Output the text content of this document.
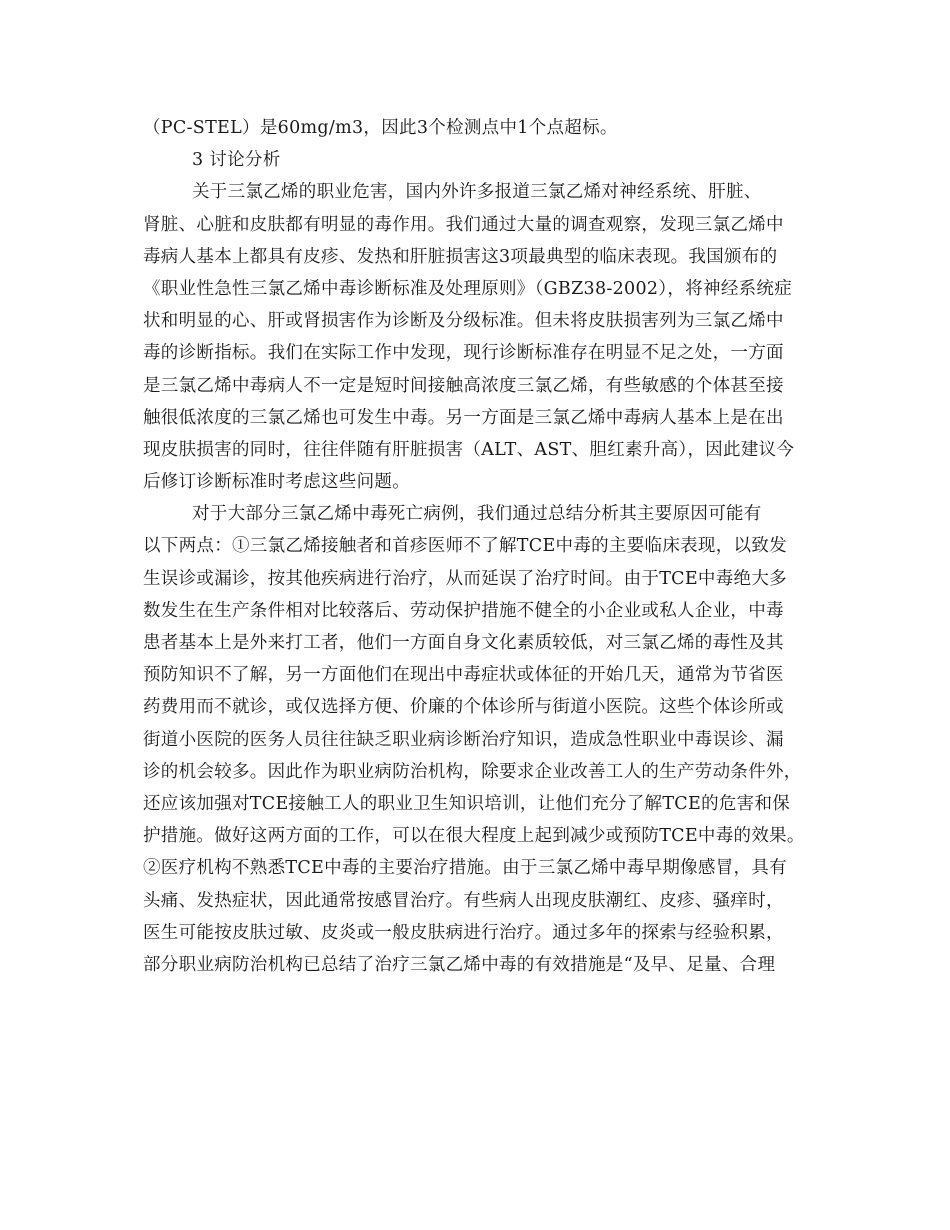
（PC-STEL）是60mg/m3，因此3个检测点中1个点超标。
3 讨论分析
关于三氯乙烯的职业危害，国内外许多报道三氯乙烯对神经系统、肝脏、
肾脏、心脏和皮肤都有明显的毒作用。我们通过大量的调查观察，发现三氯乙烯中
毒病人基本上都具有皮疹、发热和肝脏损害这3项最典型的临床表现。我国颁布的
《职业性急性三氯乙烯中毒诊断标准及处理原则》（GBZ38-2002），将神经系统症
状和明显的心、肝或肾损害作为诊断及分级标准。但未将皮肤损害列为三氯乙烯中
毒的诊断指标。我们在实际工作中发现，现行诊断标准存在明显不足之处，一方面
是三氯乙烯中毒病人不一定是短时间接触高浓度三氯乙烯，有些敏感的个体甚至接
触很低浓度的三氯乙烯也可发生中毒。另一方面是三氯乙烯中毒病人基本上是在出
现皮肤损害的同时，往往伴随有肝脏损害（ALT、AST、胆红素升高），因此建议今
后修订诊断标准时考虑这些问题。
对于大部分三氯乙烯中毒死亡病例，我们通过总结分析其主要原因可能有
以下两点：①三氯乙烯接触者和首疹医师不了解TCE中毒的主要临床表现，以致发
生误诊或漏诊，按其他疾病进行治疗，从而延误了治疗时间。由于TCE中毒绝大多
数发生在生产条件相对比较落后、劳动保护措施不健全的小企业或私人企业，中毒
患者基本上是外来打工者，他们一方面自身文化素质较低，对三氯乙烯的毒性及其
预防知识不了解，另一方面他们在现出中毒症状或体征的开始几天，通常为节省医
药费用而不就诊，或仅选择方便、价廉的个体诊所与街道小医院。这些个体诊所或
街道小医院的医务人员往往缺乏职业病诊断治疗知识，造成急性职业中毒误诊、漏
诊的机会较多。因此作为职业病防治机构，除要求企业改善工人的生产劳动条件外，
还应该加强对TCE接触工人的职业卫生知识培训，让他们充分了解TCE的危害和保
护措施。做好这两方面的工作，可以在很大程度上起到减少或预防TCE中毒的效果。
②医疗机构不熟悉TCE中毒的主要治疗措施。由于三氯乙烯中毒早期像感冒，具有
头痛、发热症状，因此通常按感冒治疗。有些病人出现皮肤潮红、皮疹、骚痒时，
医生可能按皮肤过敏、皮炎或一般皮肤病进行治疗。通过多年的探索与经验积累，
部分职业病防治机构已总结了治疗三氯乙烯中毒的有效措施是“及早、足量、合理
